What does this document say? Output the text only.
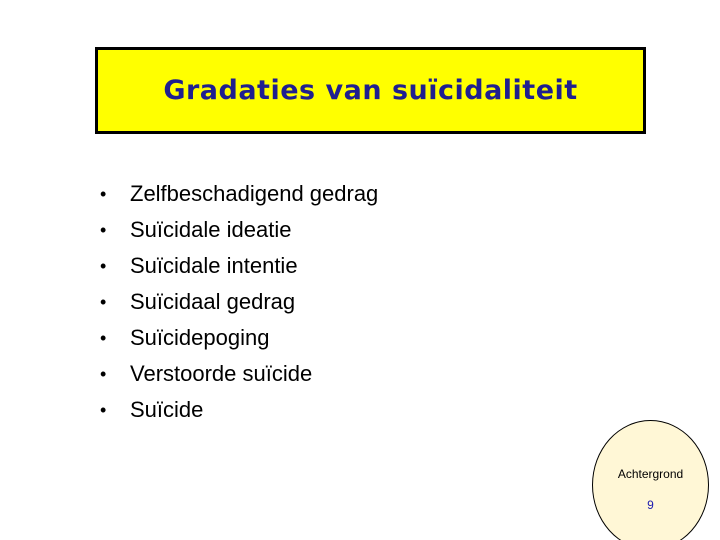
Gradaties van suïcidaliteit
•	Zelfbeschadigend gedrag
•	Suïcidale ideatie
•	Suïcidale intentie
•	Suïcidaal gedrag
•	Suïcidepoging
•	Verstoorde suïcide
•	Suïcide
Achtergrond
9
